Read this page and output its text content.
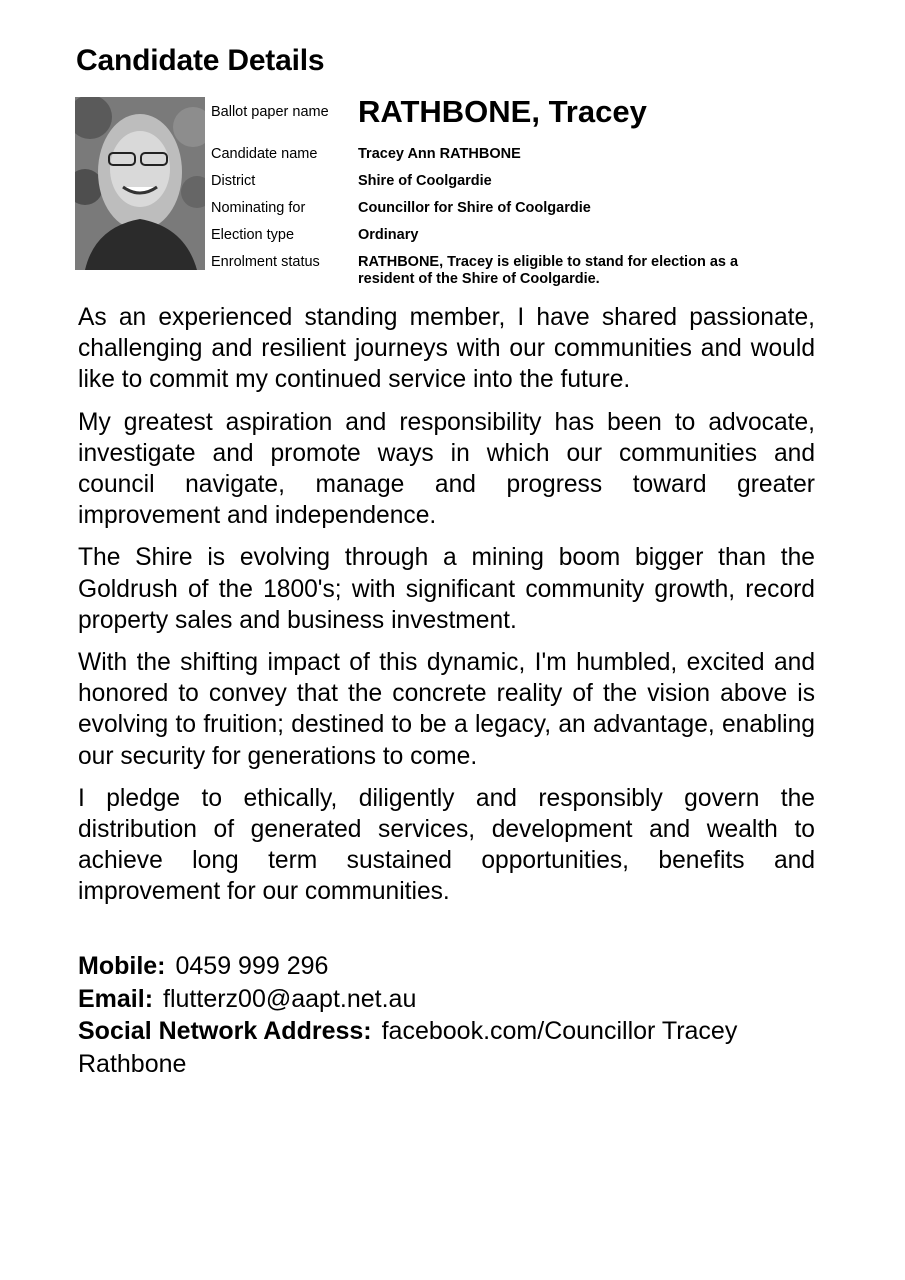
Candidate Details
Ballot paper name RATHBONE, Tracey
Candidate name	Tracey Ann RATHBONE
District	Shire of Coolgardie
Nominating for	Councillor for Shire of Coolgardie
Election type	Ordinary
Enrolment status	RATHBONE, Tracey is eligible to stand for election as a
resident of the Shire of Coolgardie.

As an experienced standing member, I have shared passionate, challenging and resilient journeys with our communities and would like to commit my continued service into the future.

My greatest aspiration and responsibility has been to advocate, investigate and promote ways in which our communities and council navigate, manage and progress toward greater improvement and independence.

The Shire is evolving through a mining boom bigger than the Goldrush of the 1800's; with significant community growth, record property sales and business investment.

With the shifting impact of this dynamic, I'm humbled, excited and honored to convey that the concrete reality of the vision above is evolving to fruition; destined to be a legacy, an advantage, enabling our security for generations to come.

I pledge to ethically, diligently and responsibly govern the distribution of generated services, development and wealth to achieve long term sustained opportunities, benefits and improvement for our communities.

Mobile: 0459 999 296
Email: flutterz00@aapt.net.au
Social Network Address: facebook.com/Councillor Tracey Rathbone
